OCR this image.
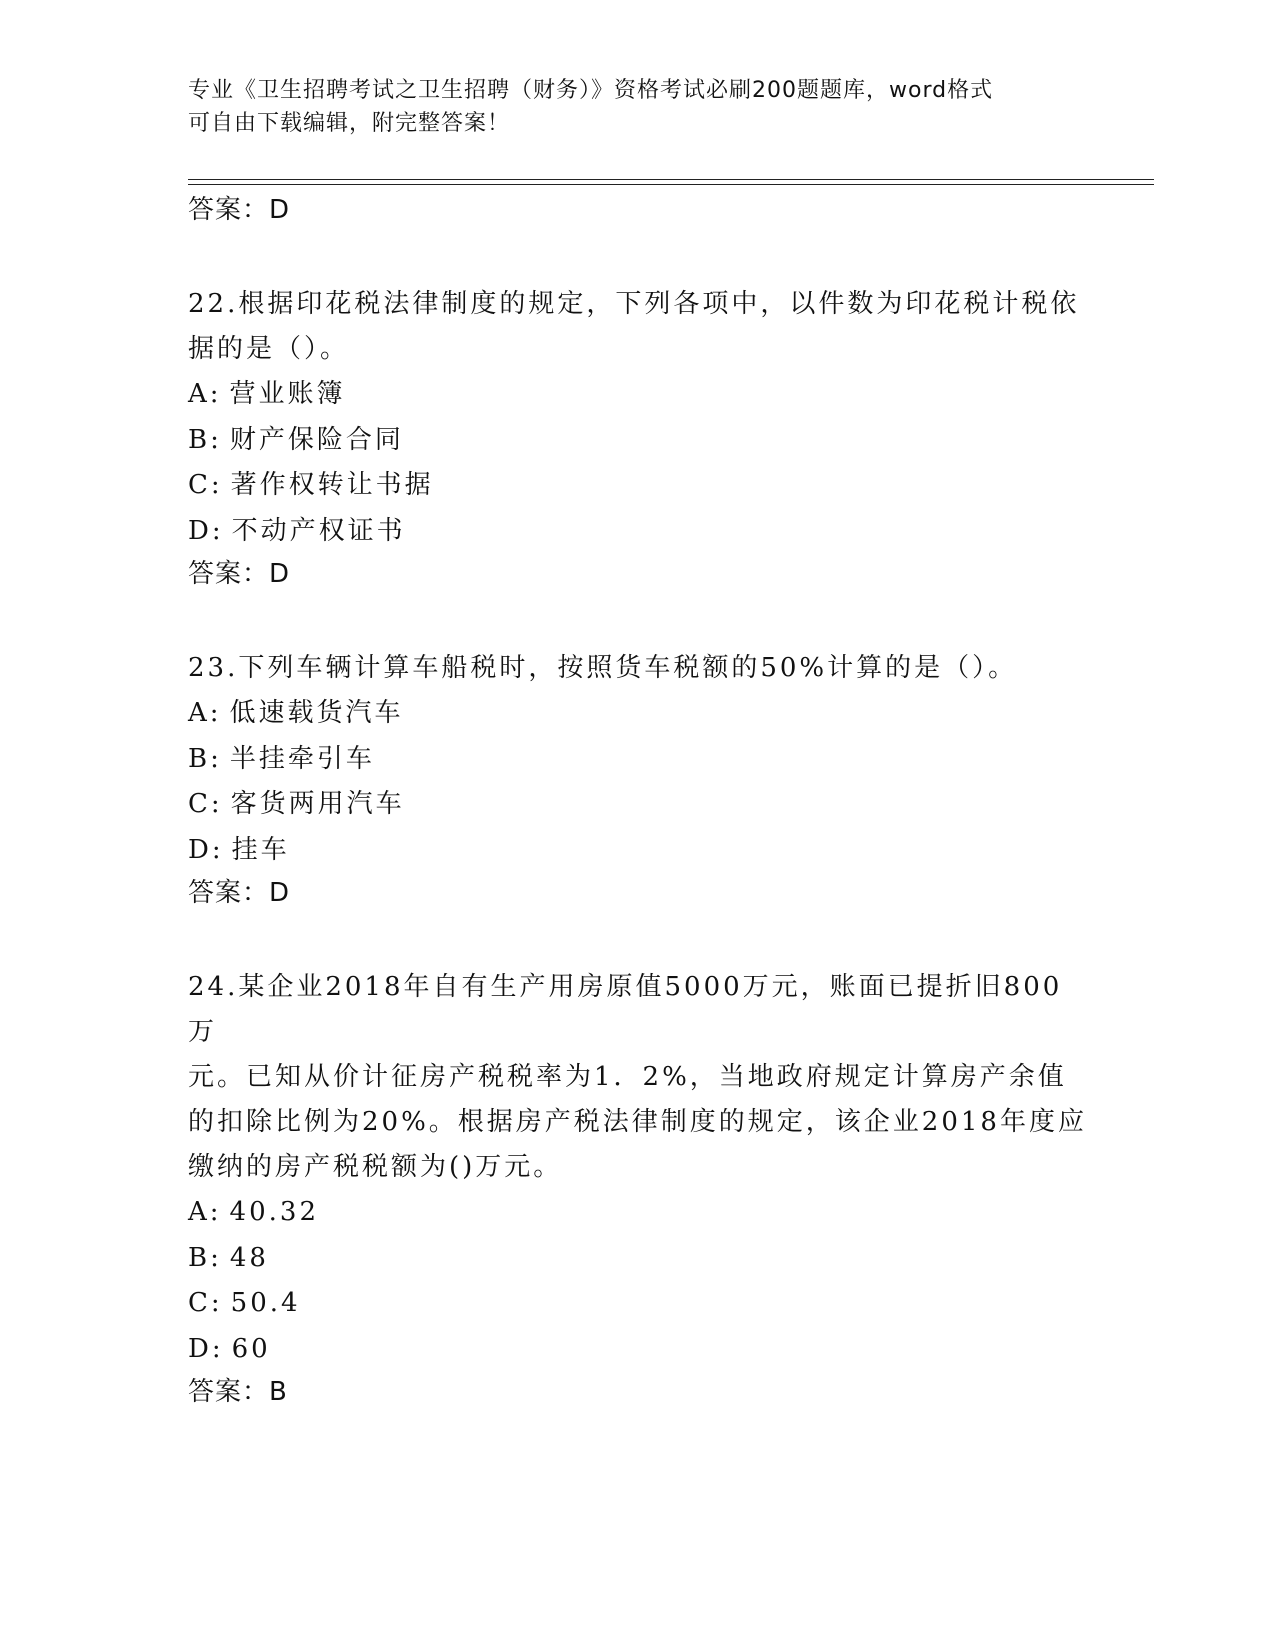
专业《卫生招聘考试之卫生招聘（财务）》资格考试必刷200题题库，word格式
可自由下载编辑，附完整答案！
答案：D
22.根据印花税法律制度的规定，下列各项中，以件数为印花税计税依
据的是（）。
A: 营业账簿
B: 财产保险合同
C: 著作权转让书据
D: 不动产权证书
答案：D
23.下列车辆计算车船税时，按照货车税额的50%计算的是（）。
A: 低速载货汽车
B: 半挂牵引车
C: 客货两用汽车
D: 挂车
答案：D
24.某企业2018年自有生产用房原值5000万元，账面已提折旧800万
元。已知从价计征房产税税率为1．2%，当地政府规定计算房产余值
的扣除比例为20%。根据房产税法律制度的规定，该企业2018年度应
缴纳的房产税税额为()万元。
A: 40.32
B: 48
C: 50.4
D: 60
答案：B
